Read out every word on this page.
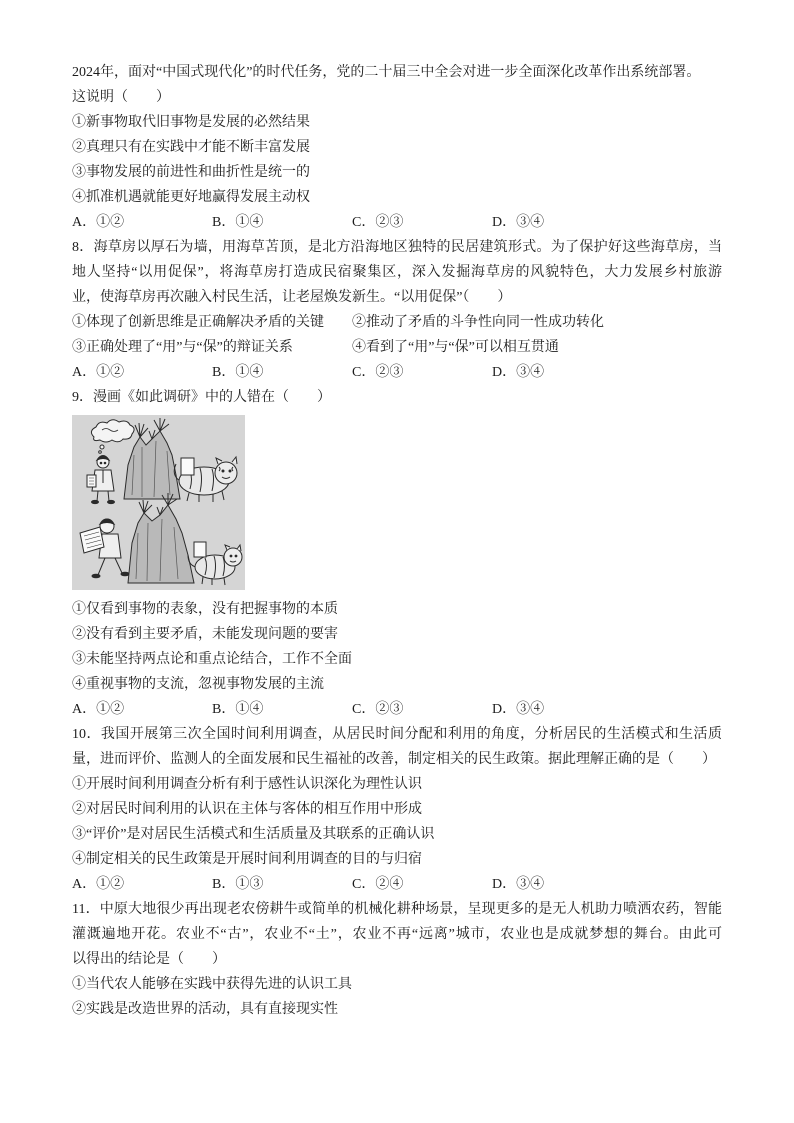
2024年，面对“中国式现代化”的时代任务，党的二十届三中全会对进一步全面深化改革作出系统部署。
这说明（　　）
①新事物取代旧事物是发展的必然结果
②真理只有在实践中才能不断丰富发展
③事物发展的前进性和曲折性是统一的
④抓准机遇就能更好地赢得发展主动权
A．①②	B．①④	C．②③	D．③④
8．海草房以厚石为墙，用海草苫顶，是北方沿海地区独特的民居建筑形式。为了保护好这些海草房，当
地人坚持“以用促保”，将海草房打造成民宿聚集区，深入发掘海草房的风貌特色，大力发展乡村旅游
业，使海草房再次融入村民生活，让老屋焕发新生。“以用促保”（　　）
①体现了创新思维是正确解决矛盾的关键	②推动了矛盾的斗争性向同一性成功转化
③正确处理了“用”与“保”的辩证关系	④看到了“用”与“保”可以相互贯通
A．①②	B．①④	C．②③	D．③④
9．漫画《如此调研》中的人错在（　　）
①仅看到事物的表象，没有把握事物的本质
②没有看到主要矛盾，未能发现问题的要害
③未能坚持两点论和重点论结合，工作不全面
④重视事物的支流，忽视事物发展的主流
A．①②	B．①④	C．②③	D．③④
10．我国开展第三次全国时间利用调查，从居民时间分配和利用的角度，分析居民的生活模式和生活质
量，进而评价、监测人的全面发展和民生福祉的改善，制定相关的民生政策。据此理解正确的是（　　）
①开展时间利用调查分析有利于感性认识深化为理性认识
②对居民时间利用的认识在主体与客体的相互作用中形成
③“评价”是对居民生活模式和生活质量及其联系的正确认识
④制定相关的民生政策是开展时间利用调查的目的与归宿
A．①②	B．①③	C．②④	D．③④
11．中原大地很少再出现老农傍耕牛或简单的机械化耕种场景，呈现更多的是无人机助力喷洒农药，智能
灌溉遍地开花。农业不“古”，农业不“土”，农业不再“远离”城市，农业也是成就梦想的舞台。由此可
以得出的结论是（　　）
①当代农人能够在实践中获得先进的认识工具
②实践是改造世界的活动，具有直接现实性
